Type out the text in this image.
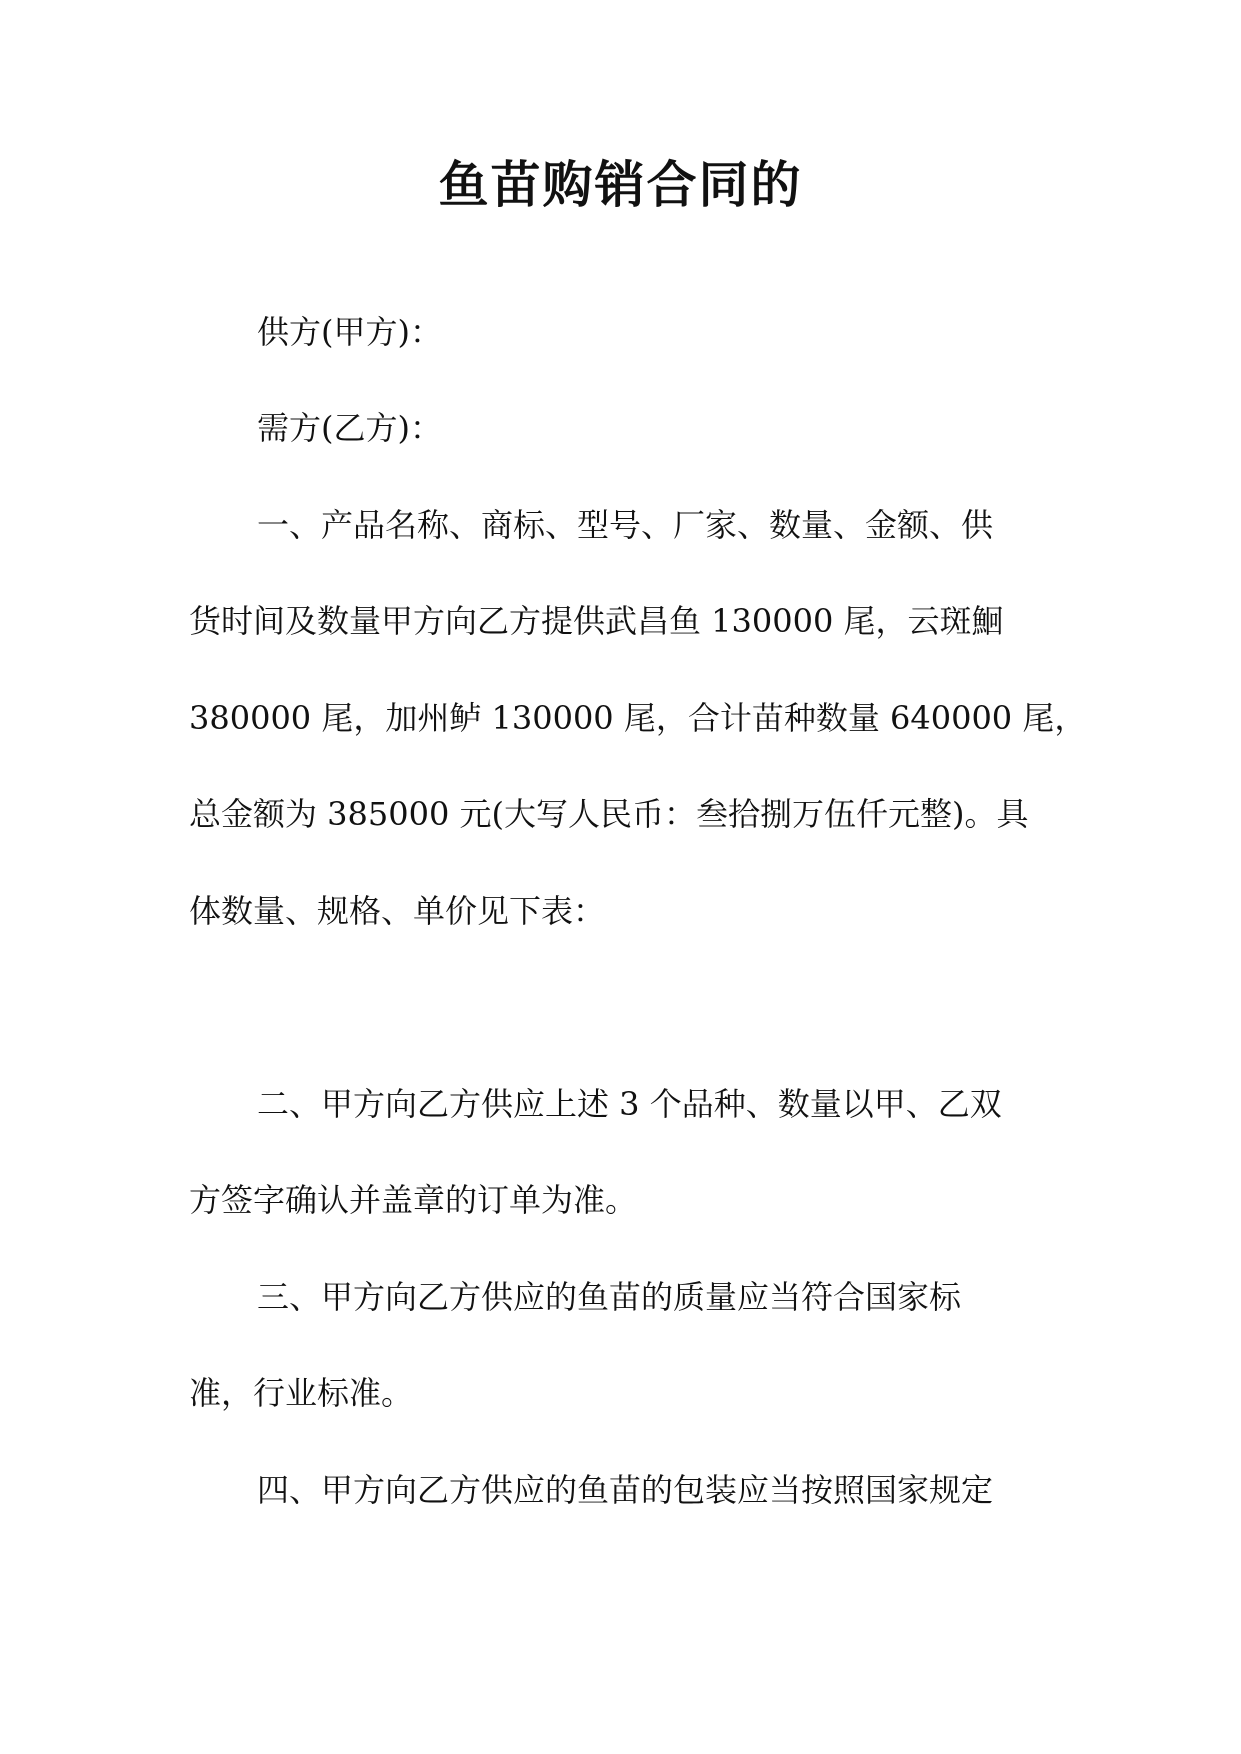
鱼苗购销合同的

供方(甲方)：

需方(乙方)：

一、产品名称、商标、型号、厂家、数量、金额、供

货时间及数量甲方向乙方提供武昌鱼 130000 尾，云斑鮰

380000 尾，加州鲈 130000 尾，合计苗种数量 640000 尾，

总金额为 385000 元(大写人民币：叁拾捌万伍仟元整)。具

体数量、规格、单价见下表：

二、甲方向乙方供应上述 3 个品种、数量以甲、乙双

方签字确认并盖章的订单为准。

三、甲方向乙方供应的鱼苗的质量应当符合国家标

准，行业标准。

四、甲方向乙方供应的鱼苗的包装应当按照国家规定
